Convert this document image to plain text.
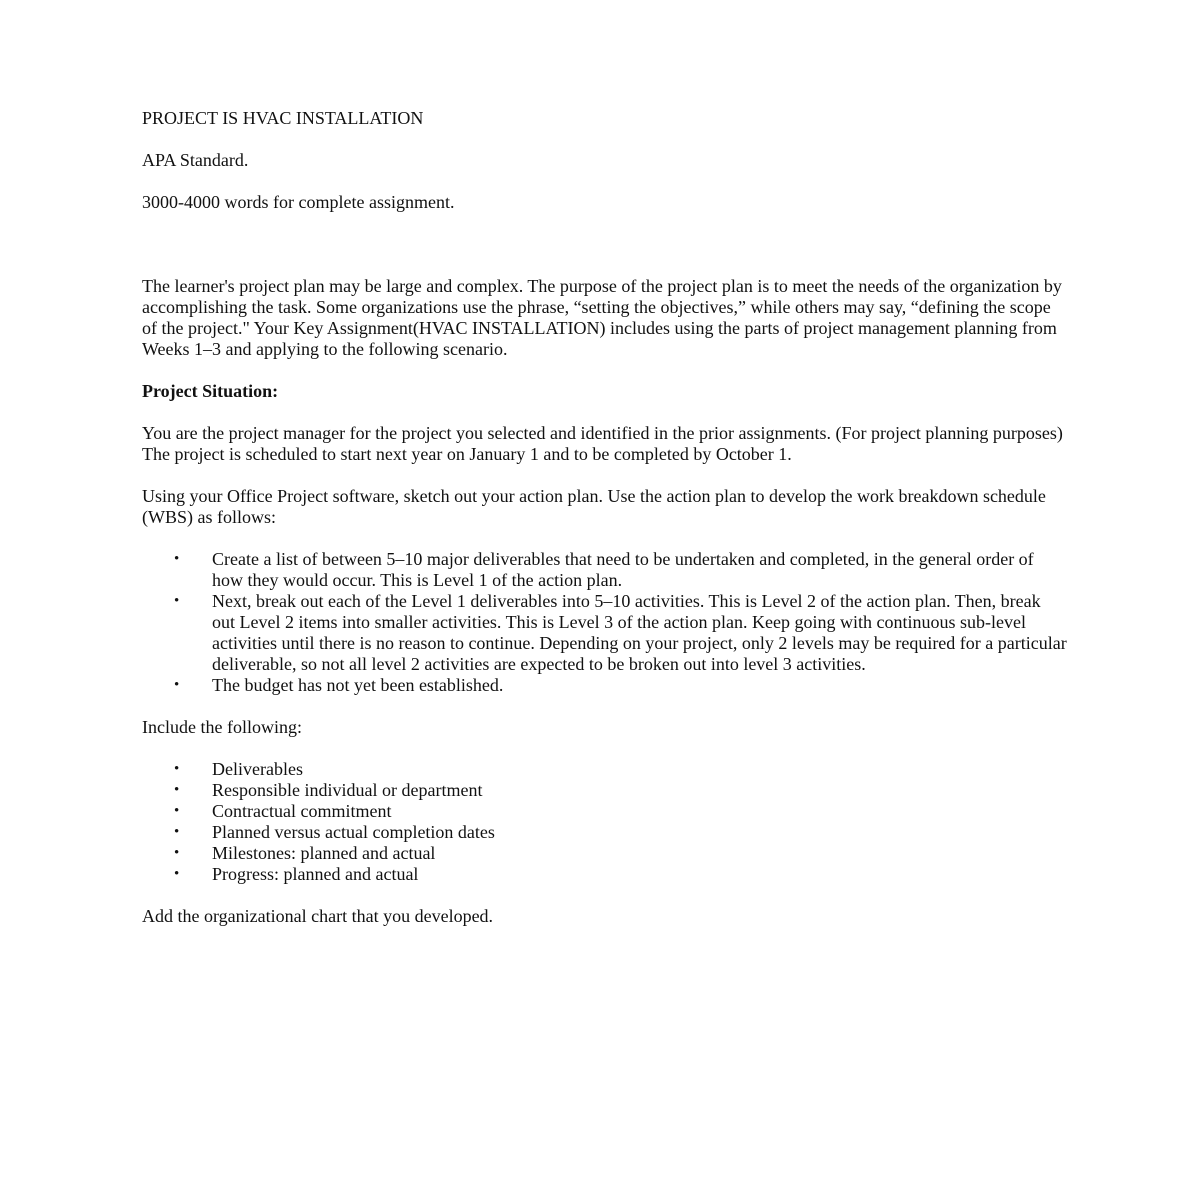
PROJECT IS HVAC INSTALLATION

APA Standard.

3000-4000 words for complete assignment.

The learner's project plan may be large and complex. The purpose of the project plan is to meet the needs of the organization by accomplishing the task. Some organizations use the phrase, “setting the objectives,” while others may say, “defining the scope of the project." Your Key Assignment(HVAC INSTALLATION) includes using the parts of project management planning from Weeks 1–3 and applying to the following scenario.

Project Situation:

You are the project manager for the project you selected and identified in the prior assignments. (For project planning purposes) The project is scheduled to start next year on January 1 and to be completed by October 1.

Using your Office Project software, sketch out your action plan. Use the action plan to develop the work breakdown schedule (WBS) as follows:

• Create a list of between 5–10 major deliverables that need to be undertaken and completed, in the general order of how they would occur. This is Level 1 of the action plan.
• Next, break out each of the Level 1 deliverables into 5–10 activities. This is Level 2 of the action plan. Then, break out Level 2 items into smaller activities. This is Level 3 of the action plan. Keep going with continuous sub-level activities until there is no reason to continue. Depending on your project, only 2 levels may be required for a particular deliverable, so not all level 2 activities are expected to be broken out into level 3 activities.
• The budget has not yet been established.

Include the following:

• Deliverables
• Responsible individual or department
• Contractual commitment
• Planned versus actual completion dates
• Milestones: planned and actual
• Progress: planned and actual

Add the organizational chart that you developed.
